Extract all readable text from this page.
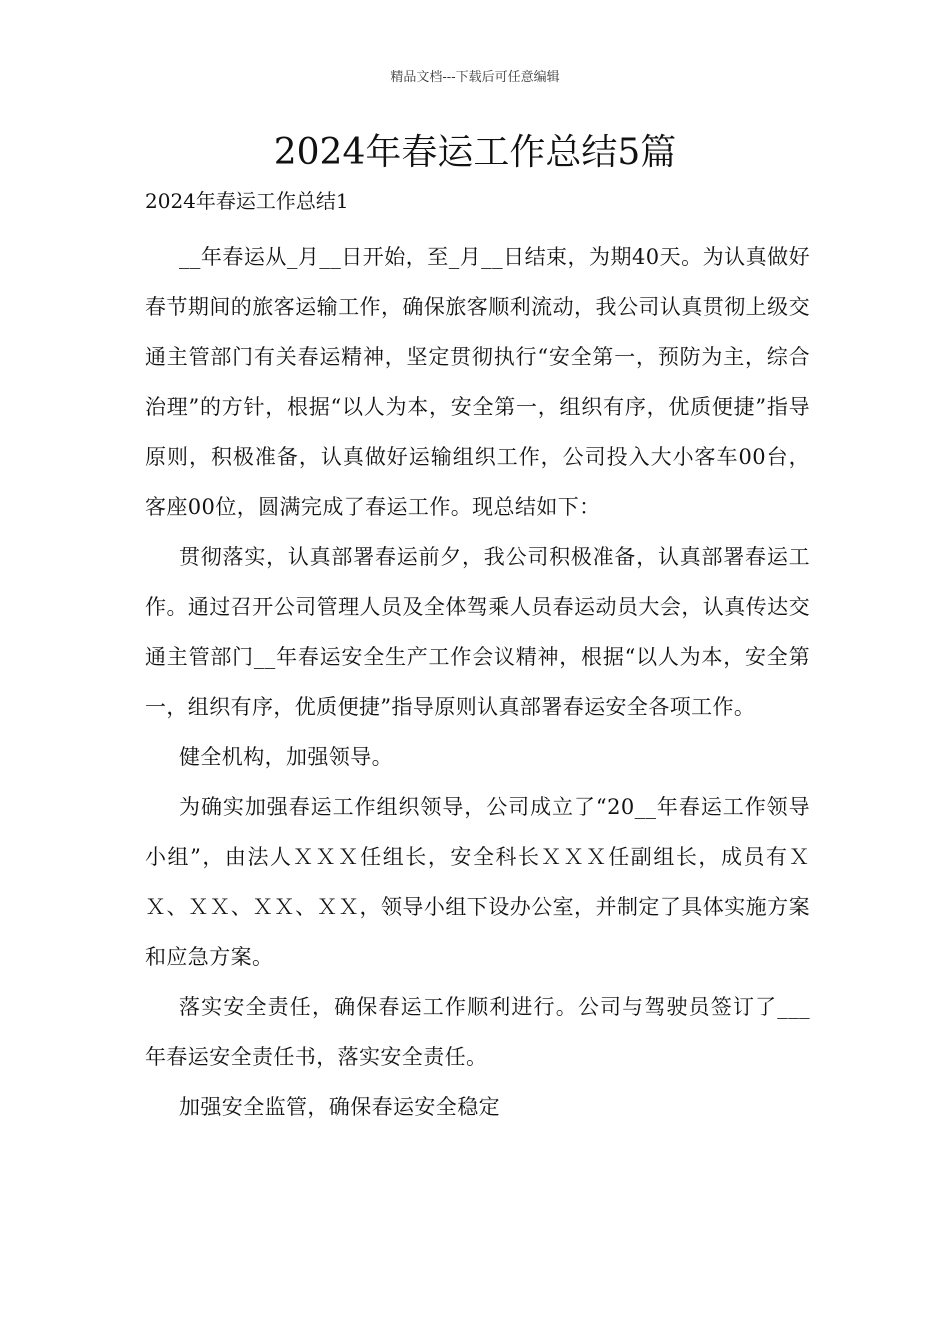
精品文档---下载后可任意编辑
2024年春运工作总结5篇

2024年春运工作总结1

__年春运从_月__日开始，至_月__日结束，为期40天。为认真做好春节期间的旅客运输工作，确保旅客顺利流动，我公司认真贯彻上级交通主管部门有关春运精神，坚定贯彻执行“安全第一，预防为主，综合治理”的方针，根据“以人为本，安全第一，组织有序，优质便捷”指导原则，积极准备，认真做好运输组织工作，公司投入大小客车00台，客座00位，圆满完成了春运工作。现总结如下：

贯彻落实，认真部署春运前夕，我公司积极准备，认真部署春运工作。通过召开公司管理人员及全体驾乘人员春运动员大会，认真传达交通主管部门__年春运安全生产工作会议精神，根据“以人为本，安全第一，组织有序，优质便捷”指导原则认真部署春运安全各项工作。

健全机构，加强领导。

为确实加强春运工作组织领导，公司成立了“20__年春运工作领导小组”，由法人ＸＸＸ任组长，安全科长ＸＸＸ任副组长，成员有ＸＸ、ＸＸ、ＸＸ、ＸＸ，领导小组下设办公室，并制定了具体实施方案和应急方案。

落实安全责任，确保春运工作顺利进行。公司与驾驶员签订了___年春运安全责任书，落实安全责任。

加强安全监管，确保春运安全稳定
